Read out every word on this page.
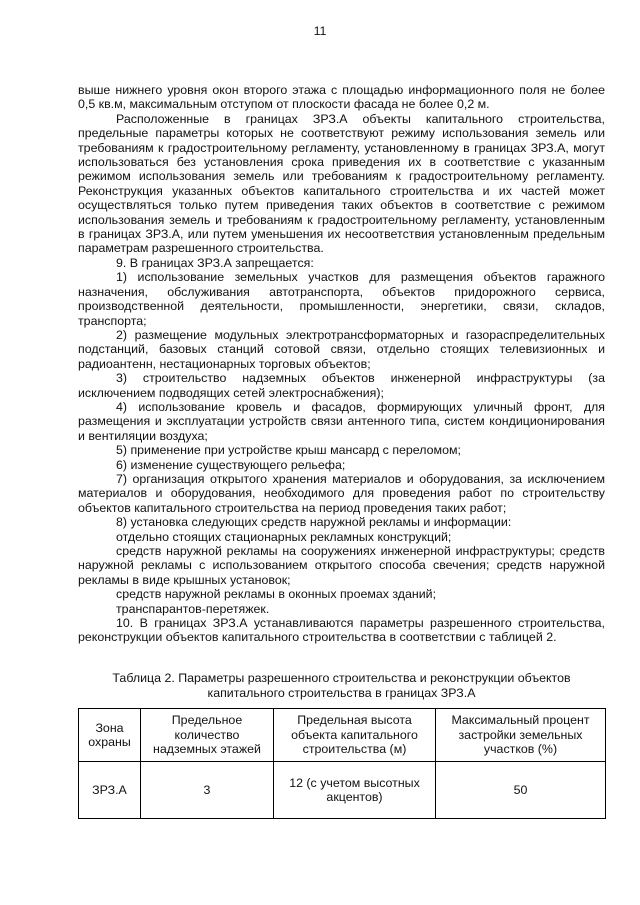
11

выше нижнего уровня окон второго этажа с площадью информационного поля не более 0,5 кв.м, максимальным отступом от плоскости фасада не более 0,2 м.

Расположенные в границах ЗРЗ.А объекты капитального строительства, предельные параметры которых не соответствуют режиму использования земель или требованиям к градостроительному регламенту, установленному в границах ЗРЗ.А, могут использоваться без установления срока приведения их в соответствие с указанным режимом использования земель или требованиям к градостроительному регламенту. Реконструкция указанных объектов капитального строительства и их частей может осуществляться только путем приведения таких объектов в соответствие с режимом использования земель и требованиям к градостроительному регламенту, установленным в границах ЗРЗ.А, или путем уменьшения их несоответствия установленным предельным параметрам разрешенного строительства.

9. В границах ЗРЗ.А запрещается:

1) использование земельных участков для размещения объектов гаражного назначения, обслуживания автотранспорта, объектов придорожного сервиса, производственной деятельности, промышленности, энергетики, связи, складов, транспорта;

2) размещение модульных электротрансформаторных и газораспределительных подстанций, базовых станций сотовой связи, отдельно стоящих телевизионных и радиоантенн, нестационарных торговых объектов;

3) строительство надземных объектов инженерной инфраструктуры (за исключением подводящих сетей электроснабжения);

4) использование кровель и фасадов, формирующих уличный фронт, для размещения и эксплуатации устройств связи антенного типа, систем кондиционирования и вентиляции воздуха;

5) применение при устройстве крыш мансард с переломом;

6) изменение существующего рельефа;

7) организация открытого хранения материалов и оборудования, за исключением материалов и оборудования, необходимого для проведения работ по строительству объектов капитального строительства на период проведения таких работ;

8) установка следующих средств наружной рекламы и информации:

отдельно стоящих стационарных рекламных конструкций;

средств наружной рекламы на сооружениях инженерной инфраструктуры; средств наружной рекламы с использованием открытого способа свечения; средств наружной рекламы в виде крышных установок;

средств наружной рекламы в оконных проемах зданий;

транспарантов-перетяжек.

10. В границах ЗРЗ.А устанавливаются параметры разрешенного строительства, реконструкции объектов капитального строительства в соответствии с таблицей 2.

Таблица 2. Параметры разрешенного строительства и реконструкции объектов капитального строительства в границах ЗРЗ.А

Зона охраны	Предельное количество надземных этажей	Предельная высота объекта капитального строительства (м)	Максимальный процент застройки земельных участков (%)
ЗРЗ.А	3	12 (с учетом высотных акцентов)	50
